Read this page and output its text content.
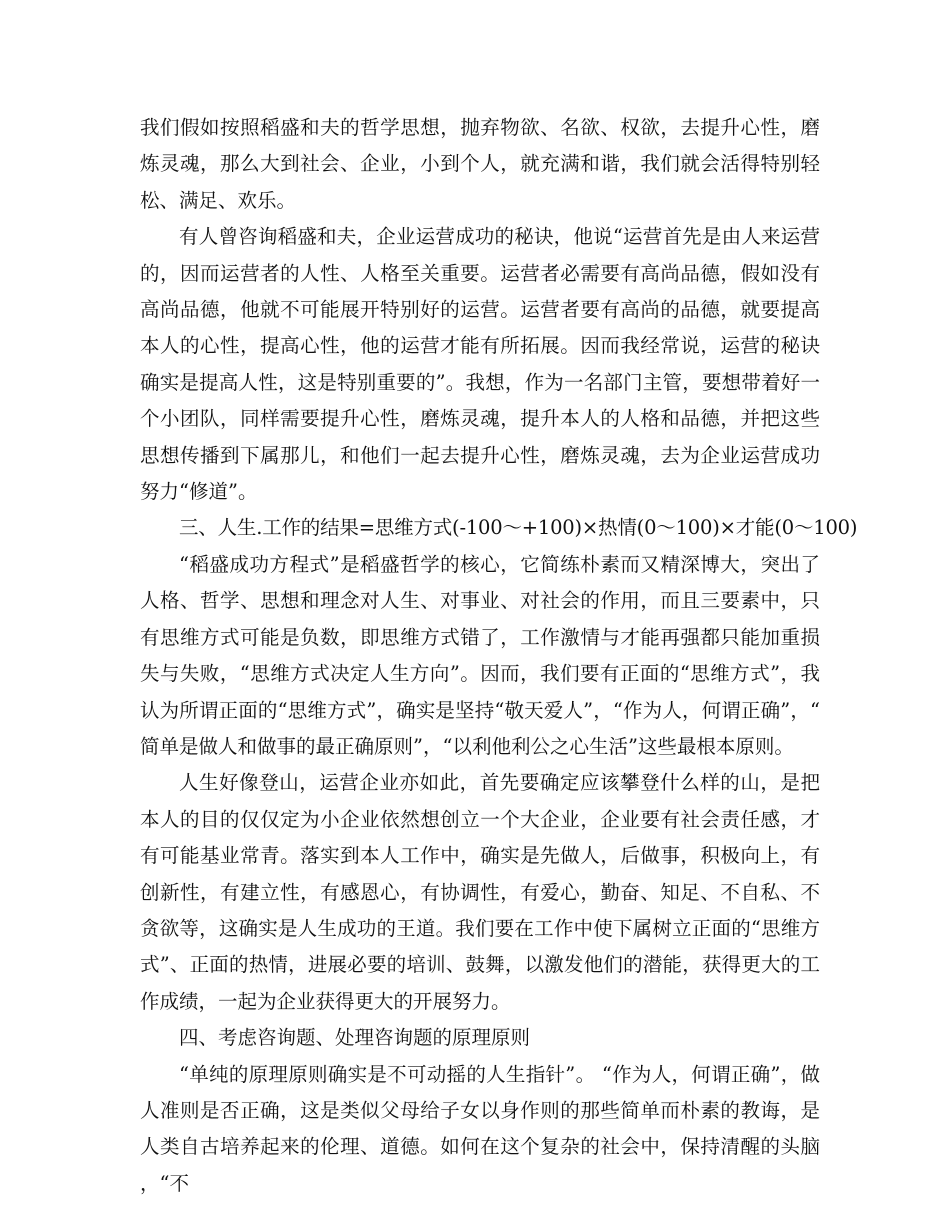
我们假如按照稻盛和夫的哲学思想，抛弃物欲、名欲、权欲，去提升心性，磨炼灵魂，那么大到社会、企业，小到个人，就充满和谐，我们就会活得特别轻松、满足、欢乐。

有人曾咨询稻盛和夫，企业运营成功的秘诀，他说“运营首先是由人来运营的，因而运营者的人性、人格至关重要。运营者必需要有高尚品德，假如没有高尚品德，他就不可能展开特别好的运营。运营者要有高尚的品德，就要提高本人的心性，提高心性，他的运营才能有所拓展。因而我经常说，运营的秘诀确实是提高人性，这是特别重要的”。我想，作为一名部门主管，要想带着好一个小团队，同样需要提升心性，磨炼灵魂，提升本人的人格和品德，并把这些思想传播到下属那儿，和他们一起去提升心性，磨炼灵魂，去为企业运营成功努力“修道”。

三、人生.工作的结果=思维方式(-100～+100)×热情(0～100)×才能(0～100)

“稻盛成功方程式”是稻盛哲学的核心，它简练朴素而又精深博大，突出了人格、哲学、思想和理念对人生、对事业、对社会的作用，而且三要素中，只有思维方式可能是负数，即思维方式错了，工作激情与才能再强都只能加重损失与失败，“思维方式决定人生方向”。因而，我们要有正面的“思维方式”，我认为所谓正面的“思维方式”，确实是坚持“敬天爱人”，“作为人，何谓正确”，“简单是做人和做事的最正确原则”，“以利他利公之心生活”这些最根本原则。

人生好像登山，运营企业亦如此，首先要确定应该攀登什么样的山，是把本人的目的仅仅定为小企业依然想创立一个大企业，企业要有社会责任感，才有可能基业常青。落实到本人工作中，确实是先做人，后做事，积极向上，有创新性，有建立性，有感恩心，有协调性，有爱心，勤奋、知足、不自私、不贪欲等，这确实是人生成功的王道。我们要在工作中使下属树立正面的“思维方式”、正面的热情，进展必要的培训、鼓舞，以激发他们的潜能，获得更大的工作成绩，一起为企业获得更大的开展努力。

四、考虑咨询题、处理咨询题的原理原则

“单纯的原理原则确实是不可动摇的人生指针”。 “作为人，何谓正确”，做人准则是否正确，这是类似父母给子女以身作则的那些简单而朴素的教诲，是人类自古培养起来的伦理、道德。如何在这个复杂的社会中，保持清醒的头脑，“不
